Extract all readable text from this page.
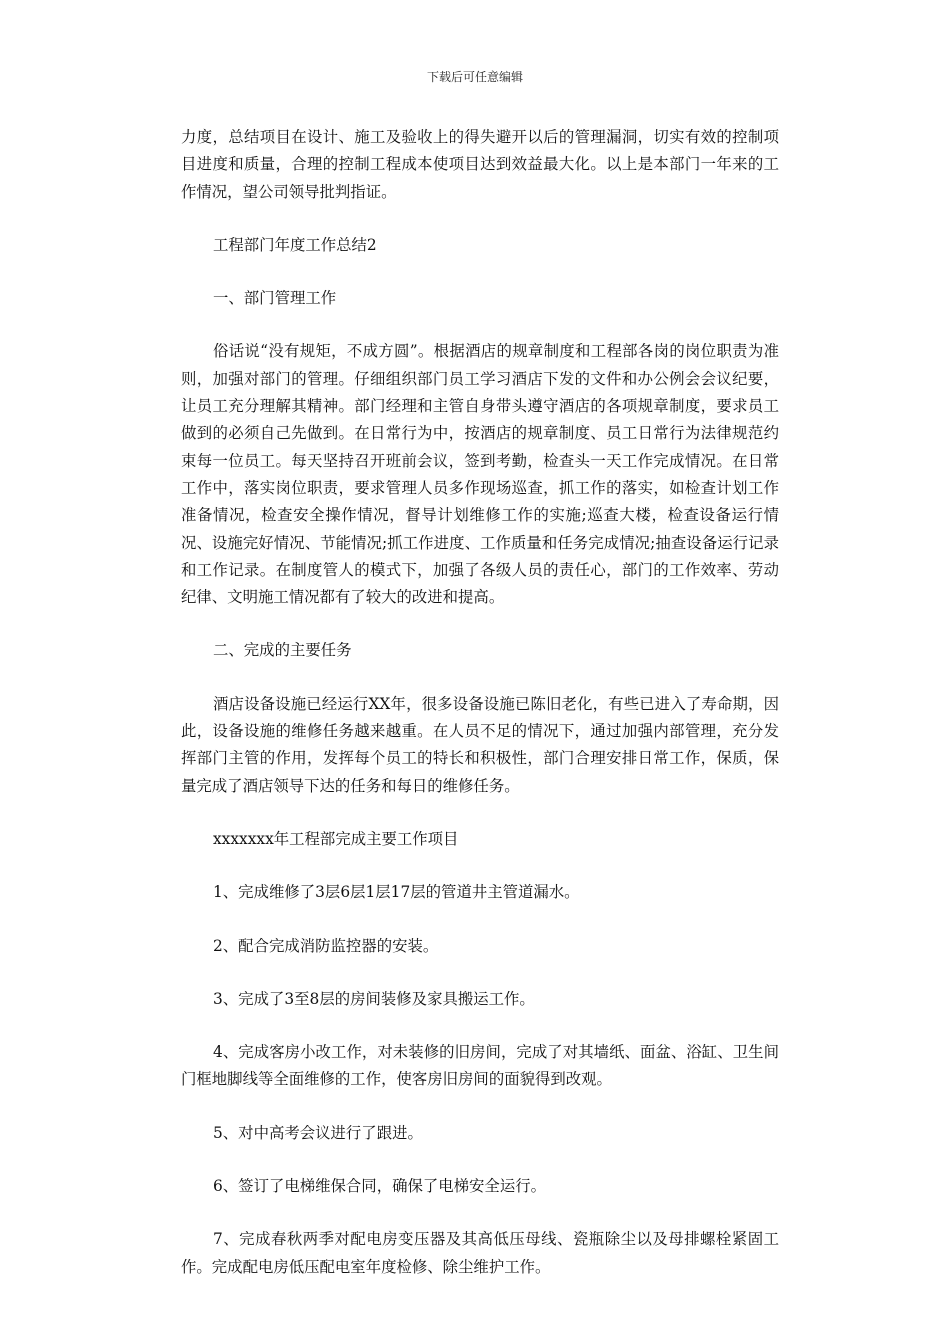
下载后可任意编辑

力度，总结项目在设计、施工及验收上的得失避开以后的管理漏洞，切实有效的控制项目进度和质量，合理的控制工程成本使项目达到效益最大化。以上是本部门一年来的工作情况，望公司领导批判指证。

工程部门年度工作总结2

一、部门管理工作

俗话说“没有规矩，不成方圆”。根据酒店的规章制度和工程部各岗的岗位职责为准则，加强对部门的管理。仔细组织部门员工学习酒店下发的文件和办公例会会议纪要，让员工充分理解其精神。部门经理和主管自身带头遵守酒店的各项规章制度，要求员工做到的必须自己先做到。在日常行为中，按酒店的规章制度、员工日常行为法律规范约束每一位员工。每天坚持召开班前会议，签到考勤，检查头一天工作完成情况。在日常工作中，落实岗位职责，要求管理人员多作现场巡查，抓工作的落实，如检查计划工作准备情况，检查安全操作情况，督导计划维修工作的实施;巡查大楼，检查设备运行情况、设施完好情况、节能情况;抓工作进度、工作质量和任务完成情况;抽查设备运行记录和工作记录。在制度管人的模式下，加强了各级人员的责任心，部门的工作效率、劳动纪律、文明施工情况都有了较大的改进和提高。

二、完成的主要任务

酒店设备设施已经运行XX年，很多设备设施已陈旧老化，有些已进入了寿命期，因此，设备设施的维修任务越来越重。在人员不足的情况下，通过加强内部管理，充分发挥部门主管的作用，发挥每个员工的特长和积极性，部门合理安排日常工作，保质，保量完成了酒店领导下达的任务和每日的维修任务。

xxxxxxx年工程部完成主要工作项目

1、完成维修了3层6层1层17层的管道井主管道漏水。

2、配合完成消防监控器的安装。

3、完成了3至8层的房间装修及家具搬运工作。

4、完成客房小改工作，对未装修的旧房间，完成了对其墙纸、面盆、浴缸、卫生间门框地脚线等全面维修的工作，使客房旧房间的面貌得到改观。

5、对中高考会议进行了跟进。

6、签订了电梯维保合同，确保了电梯安全运行。

7、完成春秋两季对配电房变压器及其高低压母线、瓷瓶除尘以及母排螺栓紧固工作。完成配电房低压配电室年度检修、除尘维护工作。
